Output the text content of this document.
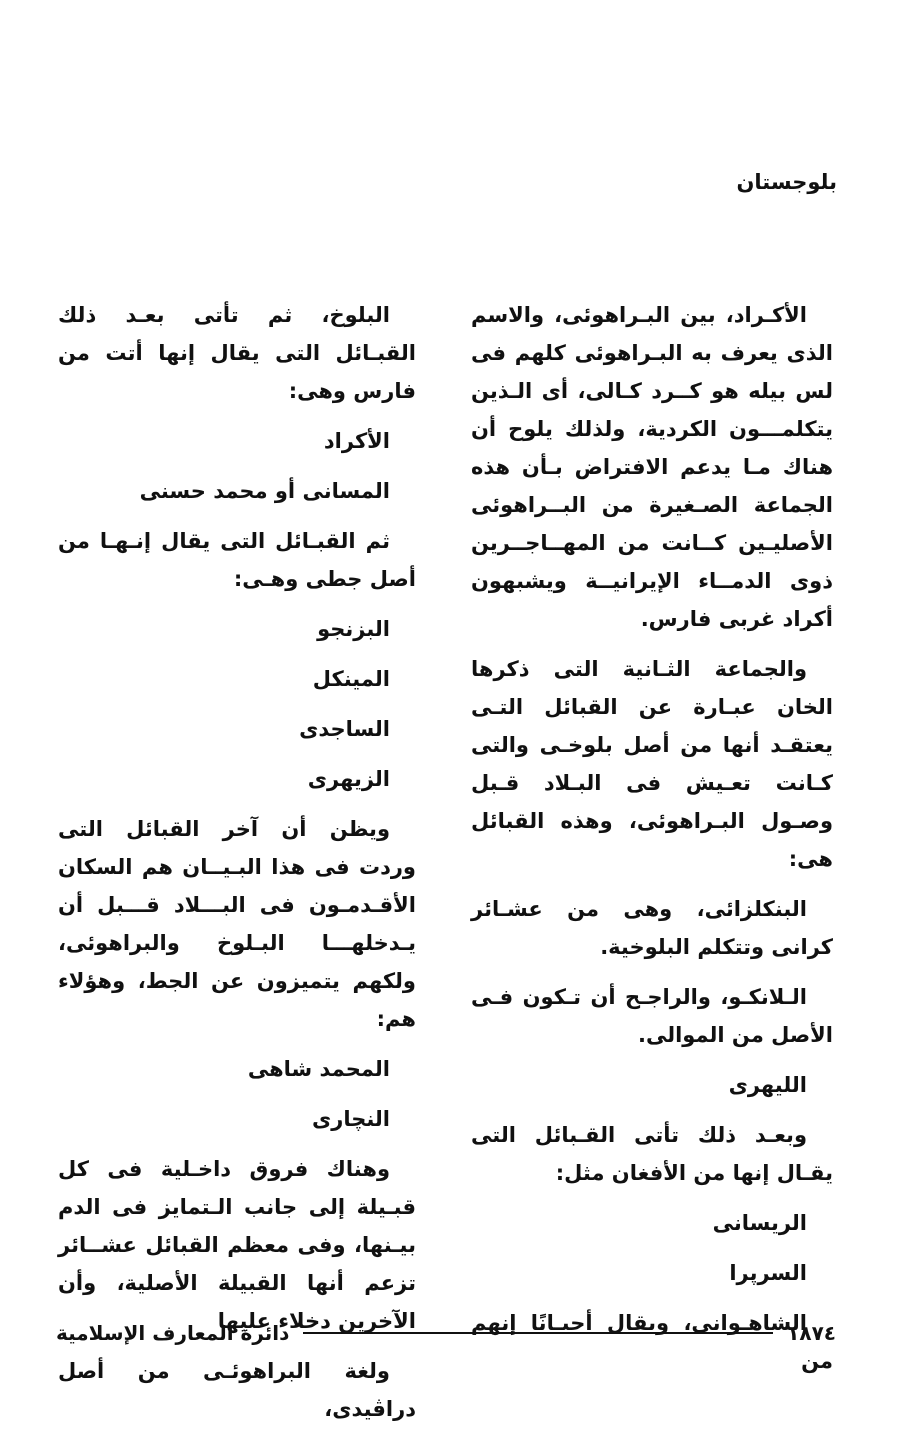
بلوجستان

الأكـراد، بين البـراهوئى، والاسم الذى يعرف به البـراهوئى كلهم فى لس بيله هو كــرد كـالى، أى الـذين يتكلمـــون الكردية، ولذلك يلوح أن هناك مـا يدعم الافتراض بـأن هذه الجماعة الصـغيرة من البــراهوئى الأصليـين كــانت من المهــاجــرين ذوى الدمــاء الإيرانيــة ويشبهون أكراد غربى فارس.

والجماعة الثـانية التى ذكرها الخان عبـارة عن القبائل التـى يعتقـد أنها من أصل بلوخـى والتى كـانت تعـيش فى البـلاد قـبل وصـول البـراهوئى، وهذه القبائل هى:

البنكلزائى، وهى من عشـائر كرانى وتتكلم البلوخية.

الـلانكـو، والراجـح أن تـكون فـى الأصل من الموالى.

الليهرى

وبعـد ذلك تأتى القـبائل التى يقـال إنها من الأفغان مثل:

الريسانى

السرپرا

الشاهـوانى، ويقال أحيـانًا إنهم من

البلوخ، ثم تأتى بعـد ذلك القبـائل التى يقال إنها أتت من فارس وهى:

الأكراد

المسانى أو محمد حسنى

ثم القبـائل التى يقال إنـهـا من أصل جطى وهـى:

البزنجو

المينكل

الساجدى

الزيهرى

ويظن أن آخر القبائل التى وردت فى هذا البـيــان هم السكان الأقـدمـون فى البـــلاد قـــبل أن يـدخلهـــا البـلوخ والبراهوئى، ولكهم يتميزون عن الجط، وهؤلاء هم:

المحمد شاهى

النچارى

وهناك فروق داخـلية فى كل قبـيلة إلى جانب الـتمايز فى الدم بيـنها، وفى معظم القبائل عشــائر تزعم أنها القبيلة الأصلية، وأن الآخرين دخلاء عليها

ولغة البراهوئـى من أصل دراڤيدى،

١٨٧٤
دائرة المعارف الإسلامية
